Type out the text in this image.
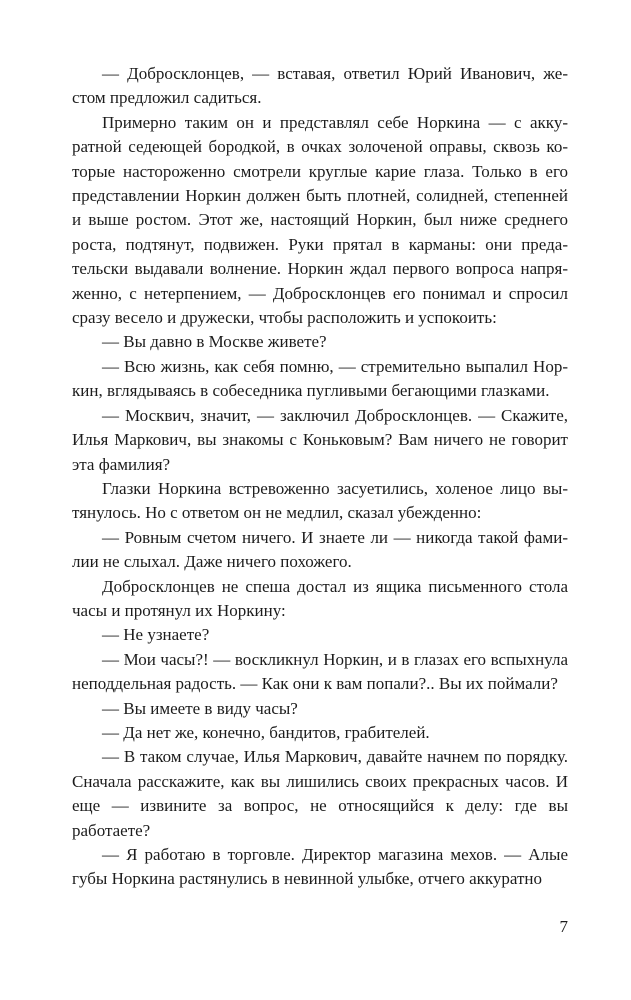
— Добросклонцев, — вставая, ответил Юрий Иванович, жестом предложил садиться.

Примерно таким он и представлял себе Норкина — с аккуратной седеющей бородкой, в очках золоченой оправы, сквозь которые настороженно смотрели круглые карие глаза. Только в его представлении Норкин должен быть плотней, солидней, степенней и выше ростом. Этот же, настоящий Норкин, был ниже среднего роста, подтянут, подвижен. Руки прятал в карманы: они предательски выдавали волнение. Норкин ждал первого вопроса напряженно, с нетерпением, — Добросклонцев его понимал и спросил сразу весело и дружески, чтобы расположить и успокоить:

— Вы давно в Москве живете?

— Всю жизнь, как себя помню, — стремительно выпалил Норкин, вглядываясь в собеседника пугливыми бегающими глазками.

— Москвич, значит, — заключил Добросклонцев. — Скажите, Илья Маркович, вы знакомы с Коньковым? Вам ничего не говорит эта фамилия?

Глазки Норкина встревоженно засуетились, холеное лицо вытянулось. Но с ответом он не медлил, сказал убежденно:

— Ровным счетом ничего. И знаете ли — никогда такой фамилии не слыхал. Даже ничего похожего.

Добросклонцев не спеша достал из ящика письменного стола часы и протянул их Норкину:

— Не узнаете?

— Мои часы?! — воскликнул Норкин, и в глазах его вспыхнула неподдельная радость. — Как они к вам попали?.. Вы их поймали?

— Вы имеете в виду часы?

— Да нет же, конечно, бандитов, грабителей.

— В таком случае, Илья Маркович, давайте начнем по порядку. Сначала расскажите, как вы лишились своих прекрасных часов. И еще — извините за вопрос, не относящийся к делу: где вы работаете?

— Я работаю в торговле. Директор магазина мехов. — Алые губы Норкина растянулись в невинной улыбке, отчего аккуратно

7
